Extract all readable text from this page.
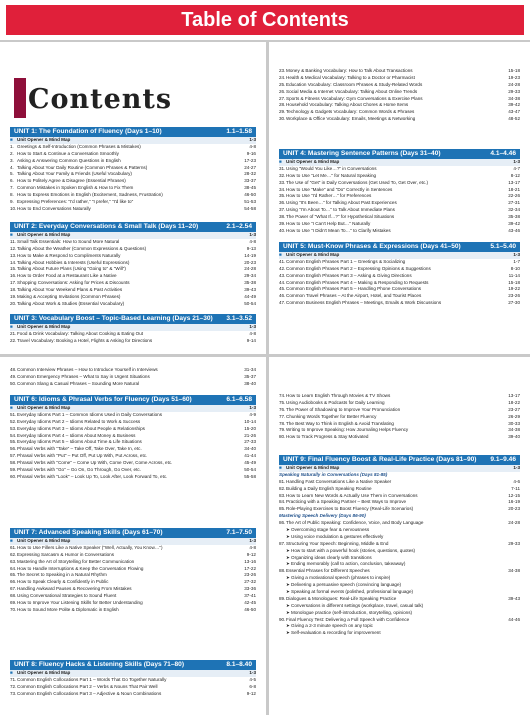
Table of Contents
Contents
UNIT 1: The Foundation of Fluency (Days 1–10)	1.1–1.58
■ Unit Opener & Mind Map	1-3
1. Greetings & Self-Introduction (Common Phrases & Mistakes)	4-8
2. How to Start & Continue a Conversation Smoothly	9-16
3. Asking & Answering Common Questions in English	17-23
4. Talking About Your Daily Routine (Common Phrases & Patterns)	24-27
5. Talking About Your Family & Friends (Useful Vocabulary)	28-32
6. How to Politely Agree & Disagree (Essential Phrases)	33-37
7. Common Mistakes in Spoken English & How to Fix Them	38-45
8. How to Express Emotions in English (Excitement, Sadness, Frustration)	46-50
9. Expressing Preferences: "I'd rather," "I prefer," "I'd like to"	51-53
10. How to End Conversations Naturally	54-58
UNIT 2: Everyday Conversations & Small Talk (Days 11–20)	2.1–2.54
■ Unit Opener & Mind Map	1-3
11. Small Talk Essentials: How to Sound More Natural	4-8
12. Talking About the Weather (Common Expressions & Questions)	9-13
13. How to Make & Respond to Compliments Naturally	14-19
14. Talking About Hobbies & Interests (Useful Expressions)	20-23
15. Talking About Future Plans (Using "Going to" & "Will")	24-28
16. How to Order Food at a Restaurant Like a Native	29-34
17. Shopping Conversations: Asking for Prices & Discounts	35-38
18. Talking About Your Weekend Plans & Past Activities	39-43
19. Making & Accepting Invitations (Common Phrases)	44-49
20. Talking About Work & Studies (Essential Vocabulary)	50-54
UNIT 3: Vocabulary Boost – Topic-Based Learning (Days 21–30) 3.1–3.52
■ Unit Opener & Mind Map	1-3
21. Food & Drink Vocabulary: Talking About Cooking & Eating Out	4-8
22. Travel Vocabulary: Booking a Hotel, Flights & Asking for Directions	9-14
23. Money & Banking Vocabulary: How to Talk About Transactions	15-18
24. Health & Medical Vocabulary: Talking to a Doctor or Pharmacist	19-23
25. Education Vocabulary: Classroom Phrases & Study-Related Words	24-28
26. Social Media & Internet Vocabulary: Talking About Online Trends	29-33
27. Sports & Fitness Vocabulary: Gym Conversations & Exercise Plans	34-38
28. Household Vocabulary: Talking About Chores & Home Items	39-42
29. Technology & Gadgets Vocabulary: Common Words & Phrases	43-47
30. Workplace & Office Vocabulary: Emails, Meetings & Networking	48-52
UNIT 4: Mastering Sentence Patterns (Days 31–40)	4.1–4.46
■ Unit Opener & Mind Map	1-3
31. Using "Would You Like…?" in Conversations	4-7
32. How to Use "Let Me…" for Natural Speaking	8-12
33. The Use of "Get" in Daily Conversations (Get Used To, Get Over, etc.)	13-17
34. How to Use "Make" and "Do" Correctly in Sentences	18-21
35. How to Use "I'd Rather…" for Preferences	22-26
36. Using "It's Been…" for Talking About Past Experiences	27-31
37. Using "I'm About To…" to Talk About Immediate Plans	32-34
38. The Power of "What If…?" for Hypothetical Situations	35-38
39. How to Use "I Can't Help But…" Naturally	39-42
40. How to Use "I Didn't Mean To…" to Clarify Mistakes	43-46
UNIT 5: Must-Know Phrases & Expressions (Days 41–50)	5.1–5.40
■ Unit Opener & Mind Map	1-3
41. Common English Phrases Part 1 – Greetings & Socializing	1-7
42. Common English Phrases Part 2 – Expressing Opinions & Suggestions	8-10
43. Common English Phrases Part 3 – Asking & Giving Directions	11-14
44. Common English Phrases Part 4 – Making & Responding to Requests	15-18
45. Common English Phrases Part 5 – Handling Phone Conversations	19-22
46. Common Travel Phrases – At the Airport, Hotel, and Tourist Places	23-26
47. Common Business English Phrases – Meetings, Emails & Work Discussions	27-30
48. Common Interview Phrases – How to Introduce Yourself in Interviews	31-34
49. Common Emergency Phrases – What to Say in Urgent Situations	35-37
50. Common Slang & Casual Phrases – Sounding More Natural	38-40
UNIT 6: Idioms & Phrasal Verbs for Fluency (Days 51–60)	6.1–6.58
■ Unit Opener & Mind Map	1-3
51. Everyday Idioms Part 1 – Common Idioms Used in Daily Conversations	4-9
52. Everyday Idioms Part 2 – Idioms Related to Work & Success	10-14
53. Everyday Idioms Part 3 – Idioms About People & Relationships	15-20
54. Everyday Idioms Part 4 – Idioms About Money & Business	21-26
55. Everyday Idioms Part 5 – Idioms About Time & Life Situations	27-33
56. Phrasal Verbs with "Take" – Take Off, Take Over, Take In, etc.	34-40
57. Phrasal Verbs with "Put" – Put Off, Put Up With, Put Across, etc.	41-44
58. Phrasal Verbs with "Come" – Come Up With, Come Over, Come Across, etc.	45-49
59. Phrasal Verbs with "Go" – Go On, Go Through, Go Over, etc.	50-54
60. Phrasal Verbs with "Look" – Look Up To, Look After, Look Forward To, etc.	55-58
UNIT 7: Advanced Speaking Skills (Days 61–70)	7.1–7.50
■ Unit Opener & Mind Map	1-3
61. How to Use Fillers Like a Native Speaker ("Well, Actually, You Know…")	4-8
62. Expressing Sarcasm & Humor in Conversations	9-12
63. Mastering the Art of Storytelling for Better Communication	13-16
64. How to Handle Interruptions & Keep the Conversation Flowing	17-22
65. The Secret to Speaking in a Natural Rhythm	23-26
66. How to Speak Clearly & Confidently in Public	27-32
67. Handling Awkward Pauses & Recovering From Mistakes	33-36
68. Using Conversational Strategies to Sound Fluent	37-41
69. How to Improve Your Listening Skills for Better Understanding	42-45
70. How to Sound More Polite & Diplomatic in English	46-50
UNIT 8: Fluency Hacks & Listening Skills (Days 71–80)	8.1–8.40
■ Unit Opener & Mind Map	1-3
71. Common English Collocations Part 1 – Words That Go Together Naturally	4-5
72. Common English Collocations Part 2 – Verbs & Nouns That Pair Well	6-8
73. Common English Collocations Part 3 – Adjective & Noun Combinations	9-12
74. How to Learn English Through Movies & TV Shows	13-17
75. Using Audiobooks & Podcasts for Daily Learning	18-22
76. The Power of Shadowing to Improve Your Pronunciation	23-27
77. Chunking Words Together for Better Fluency	26-29
78. The Best Way to Think in English & Avoid Translating	30-33
79. Writing to Improve Speaking: How Journaling Helps Fluency	34-38
80. How to Track Progress & Stay Motivated	39-40
UNIT 9: Final Fluency Boost & Real-Life Practice (Days 81–90) 9.1–9.46
■ Unit Opener & Mind Map	1-3
Speaking Naturally in Conversations (Days 81-85)
81. Handling Fast Conversations Like a Native Speaker	4-6
82. Building a Daily English Speaking Routine	7-11
83. How to Learn New Words & Actually Use Them in Conversations	12-15
84. Practicing with a Speaking Partner – Best Ways to Improve	16-19
85. Role-Playing Exercises to Boost Fluency (Real-Life Scenarios)	20-23
Mastering Speech Delivery (Days 86-90)
86. The Art of Public Speaking: Confidence, Voice, and Body Language	24-28
➤ Overcoming stage fear & nervousness
➤ Using voice modulation & gestures effectively
87. Structuring Your Speech: Beginning, Middle & End	29-33
➤ How to start with a powerful hook (stories, questions, quotes)
➤ Organizing ideas clearly with transitions
➤ Ending memorably (call to action, conclusion, takeaway)
88. Essential Phrases for Different Speeches	34-38
➤ Giving a motivational speech (phrases to inspire)
➤ Delivering a persuasive speech (convincing language)
➤ Speaking at formal events (polished, professional language)
89. Dialogues & Monologues: Real-Life Speaking Practice	39-43
➤ Conversations in different settings (workplace, travel, casual talk)
➤ Monologue practice (self-introduction, storytelling, opinions)
90. Final Fluency Test: Delivering a Full Speech with Confidence	44-46
➤ Giving a 2-3 minute speech on any topic
➤ Self-evaluation & recording for improvement
